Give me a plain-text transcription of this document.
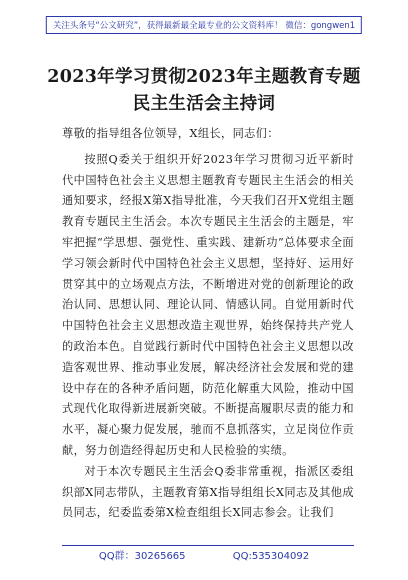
关注头条号“公文研究”，获得最新最全最专业的公文资料库！ 微信：gongwen1
2023年学习贯彻2023年主题教育专题
民主生活会主持词

尊敬的指导组各位领导，X组长，同志们：

按照Q委关于组织开好2023年学习贯彻习近平新时代中国特色社会主义思想主题教育专题民主生活会的相关通知要求，经报X第X指导批准，今天我们召开X党组主题教育专题民主生活会。本次专题民主生活会的主题是，牢牢把握“学思想、强党性、重实践、建新功”总体要求全面学习领会新时代中国特色社会主义思想，坚持好、运用好贯穿其中的立场观点方法，不断增进对党的创新理论的政治认同、思想认同、理论认同、情感认同。自觉用新时代中国特色社会主义思想改造主观世界，始终保持共产党人的政治本色。自觉践行新时代中国特色社会主义思想以改造客观世界、推动事业发展，解决经济社会发展和党的建设中存在的各种矛盾问题，防范化解重大风险，推动中国式现代化取得新进展新突破。不断提高履职尽责的能力和水平，凝心聚力促发展，驰而不息抓落实，立足岗位作贡献，努力创造经得起历史和人民检验的实绩。

对于本次专题民主生活会Q委非常重视，指派区委组织部X同志带队，主题教育第X指导组组长X同志及其他成员同志，纪委监委第X检查组组长X同志参会。让我们

QQ群：30265665	QQ:535304092
